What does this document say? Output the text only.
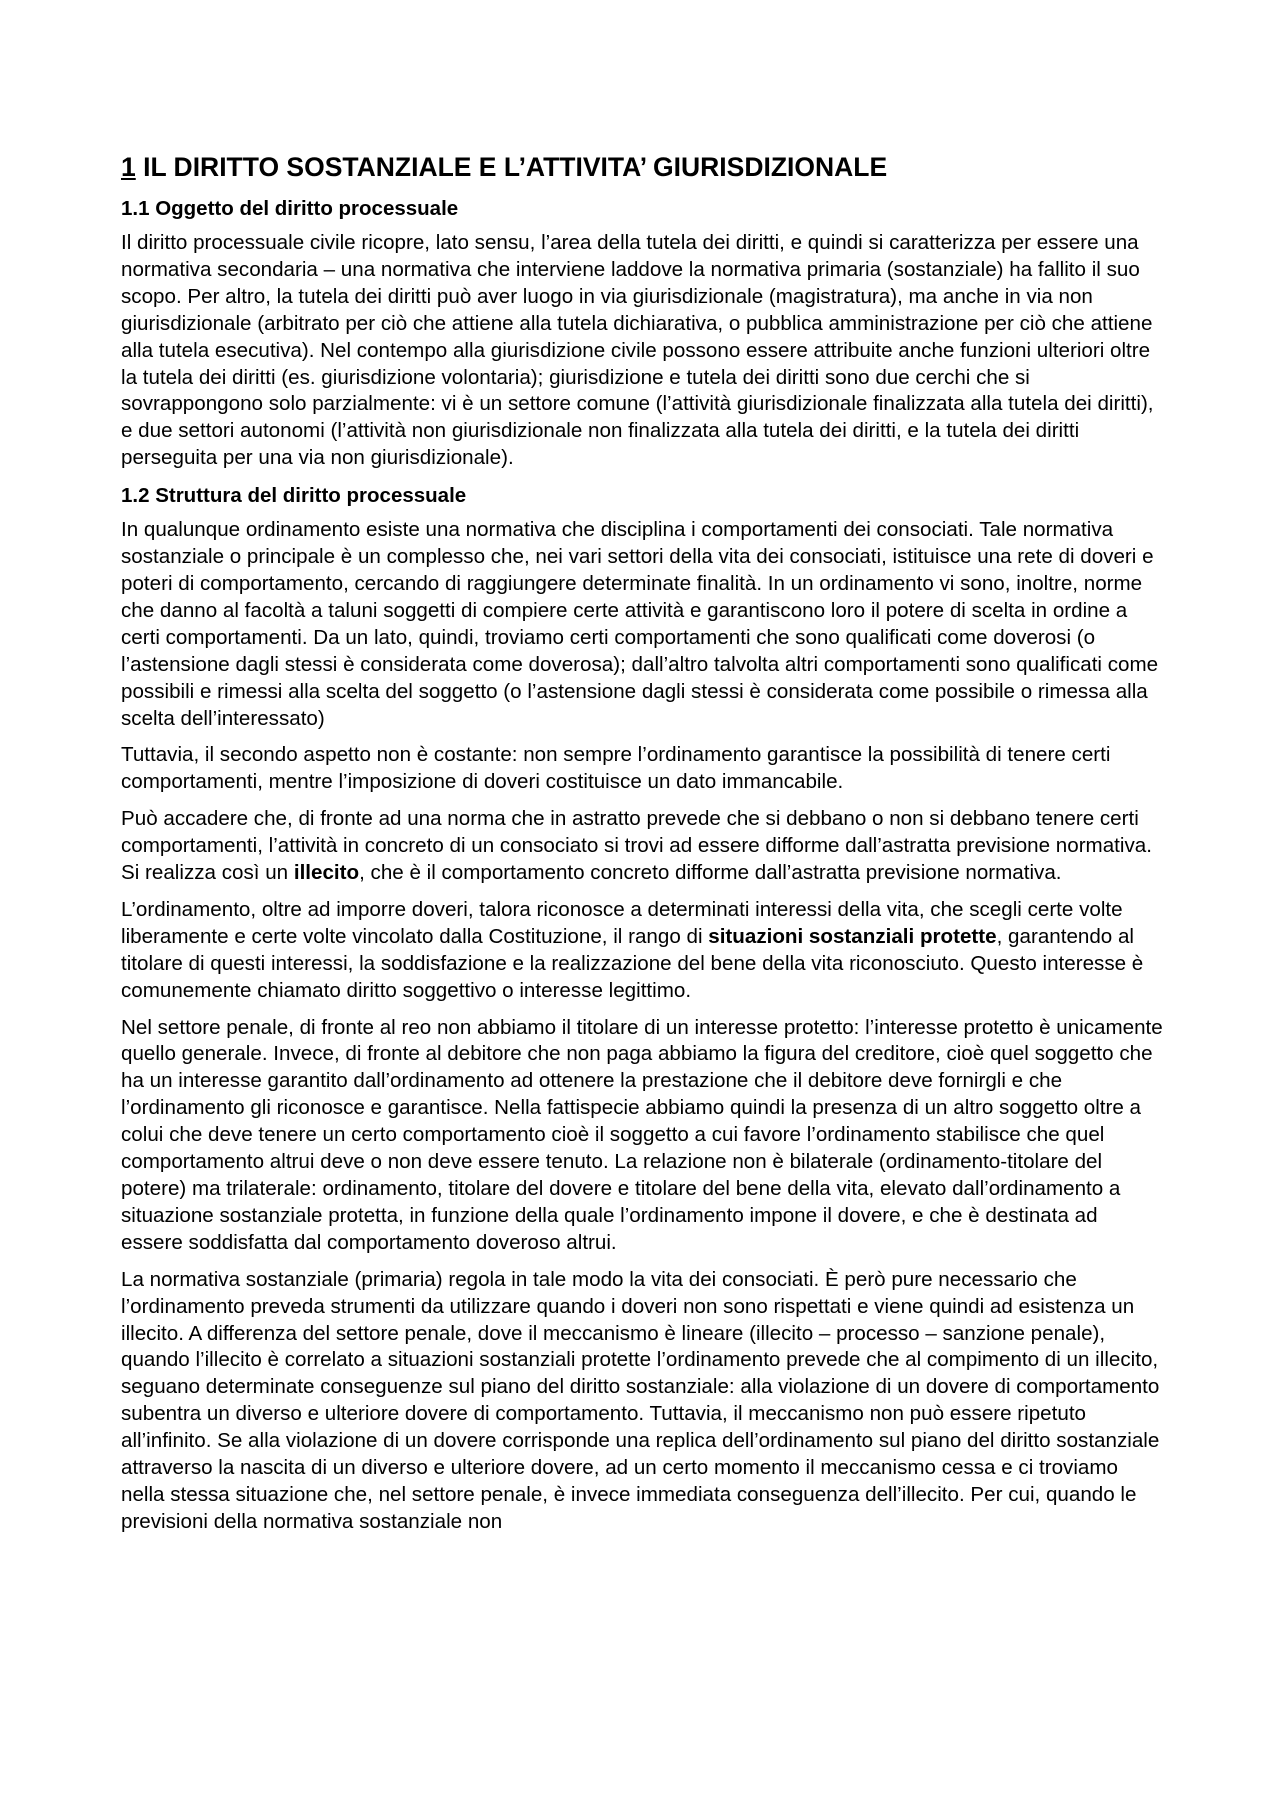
1 IL DIRITTO SOSTANZIALE E L’ATTIVITA’ GIURISDIZIONALE
1.1 Oggetto del diritto processuale

Il diritto processuale civile ricopre, lato sensu, l’area della tutela dei diritti, e quindi si caratterizza per essere una normativa secondaria – una normativa che interviene laddove la normativa primaria (sostanziale) ha fallito il suo scopo. Per altro, la tutela dei diritti può aver luogo in via giurisdizionale (magistratura), ma anche in via non giurisdizionale (arbitrato per ciò che attiene alla tutela dichiarativa, o pubblica amministrazione per ciò che attiene alla tutela esecutiva). Nel contempo alla giurisdizione civile possono essere attribuite anche funzioni ulteriori oltre la tutela dei diritti (es. giurisdizione volontaria); giurisdizione e tutela dei diritti sono due cerchi che si sovrappongono solo parzialmente: vi è un settore comune (l’attività giurisdizionale finalizzata alla tutela dei diritti), e due settori autonomi (l’attività non giurisdizionale non finalizzata alla tutela dei diritti, e la tutela dei diritti perseguita per una via non giurisdizionale).

1.2 Struttura del diritto processuale

In qualunque ordinamento esiste una normativa che disciplina i comportamenti dei consociati. Tale normativa sostanziale o principale è un complesso che, nei vari settori della vita dei consociati, istituisce una rete di doveri e poteri di comportamento, cercando di raggiungere determinate finalità. In un ordinamento vi sono, inoltre, norme che danno al facoltà a taluni soggetti di compiere certe attività e garantiscono loro il potere di scelta in ordine a certi comportamenti. Da un lato, quindi, troviamo certi comportamenti che sono qualificati come doverosi (o l’astensione dagli stessi è considerata come doverosa); dall’altro talvolta altri comportamenti sono qualificati come possibili e rimessi alla scelta del soggetto (o l’astensione dagli stessi è considerata come possibile o rimessa alla scelta dell’interessato)

Tuttavia, il secondo aspetto non è costante: non sempre l’ordinamento garantisce la possibilità di tenere certi comportamenti, mentre l’imposizione di doveri costituisce un dato immancabile.

Può accadere che, di fronte ad una norma che in astratto prevede che si debbano o non si debbano tenere certi comportamenti, l’attività in concreto di un consociato si trovi ad essere difforme dall’astratta previsione normativa. Si realizza così un illecito, che è il comportamento concreto difforme dall’astratta previsione normativa.

L’ordinamento, oltre ad imporre doveri, talora riconosce a determinati interessi della vita, che scegli certe volte liberamente e certe volte vincolato dalla Costituzione, il rango di situazioni sostanziali protette, garantendo al titolare di questi interessi, la soddisfazione e la realizzazione del bene della vita riconosciuto. Questo interesse è comunemente chiamato diritto soggettivo o interesse legittimo.

Nel settore penale, di fronte al reo non abbiamo il titolare di un interesse protetto: l’interesse protetto è unicamente quello generale. Invece, di fronte al debitore che non paga abbiamo la figura del creditore, cioè quel soggetto che ha un interesse garantito dall’ordinamento ad ottenere la prestazione che il debitore deve fornirgli e che l’ordinamento gli riconosce e garantisce. Nella fattispecie abbiamo quindi la presenza di un altro soggetto oltre a colui che deve tenere un certo comportamento cioè il soggetto a cui favore l’ordinamento stabilisce che quel comportamento altrui deve o non deve essere tenuto. La relazione non è bilaterale (ordinamento-titolare del potere) ma trilaterale: ordinamento, titolare del dovere e titolare del bene della vita, elevato dall’ordinamento a situazione sostanziale protetta, in funzione della quale l’ordinamento impone il dovere, e che è destinata ad essere soddisfatta dal comportamento doveroso altrui.

La normativa sostanziale (primaria) regola in tale modo la vita dei consociati. È però pure necessario che l’ordinamento preveda strumenti da utilizzare quando i doveri non sono rispettati e viene quindi ad esistenza un illecito. A differenza del settore penale, dove il meccanismo è lineare (illecito – processo – sanzione penale), quando l’illecito è correlato a situazioni sostanziali protette l’ordinamento prevede che al compimento di un illecito, seguano determinate conseguenze sul piano del diritto sostanziale: alla violazione di un dovere di comportamento subentra un diverso e ulteriore dovere di comportamento. Tuttavia, il meccanismo non può essere ripetuto all’infinito. Se alla violazione di un dovere corrisponde una replica dell’ordinamento sul piano del diritto sostanziale attraverso la nascita di un diverso e ulteriore dovere, ad un certo momento il meccanismo cessa e ci troviamo nella stessa situazione che, nel settore penale, è invece immediata conseguenza dell’illecito. Per cui, quando le previsioni della normativa sostanziale non
